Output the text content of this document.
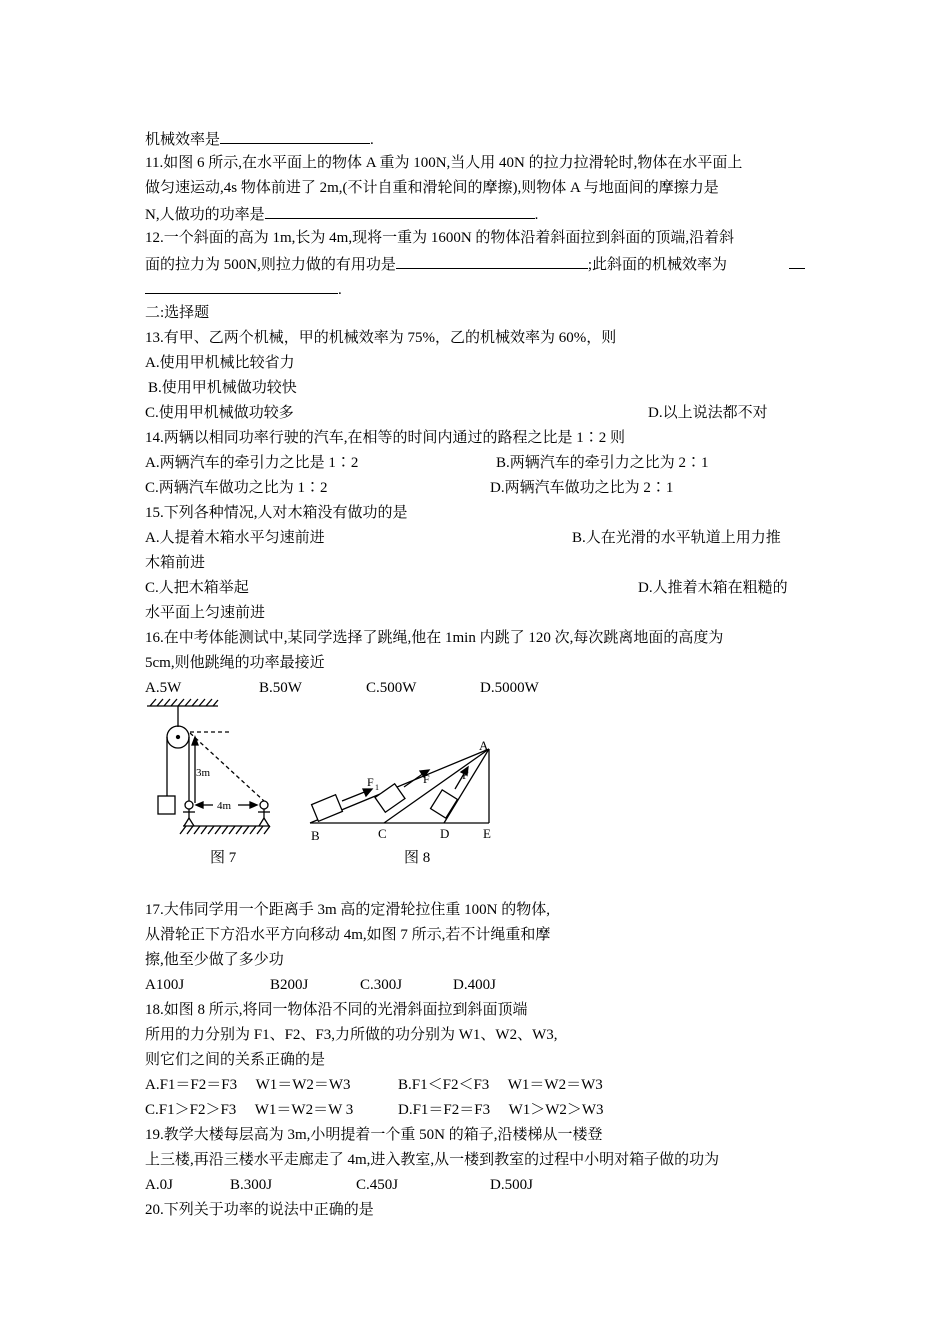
机械效率是	.
11.如图 6 所示,在水平面上的物体 A 重为 100N,当人用 40N 的拉力拉滑轮时,物体在水平面上
做匀速运动,4s 物体前进了 2m,(不计自重和滑轮间的摩擦),则物体 A 与地面间的摩擦力是
N,人做功的功率是	.
12.一个斜面的高为 1m,长为 4m,现将一重为 1600N 的物体沿着斜面拉到斜面的顶端,沿着斜
面的拉力为 500N,则拉力做的有用功是	;此斜面的机械效率为
.
二:选择题
13.有甲、乙两个机械，甲的机械效率为 75%，乙的机械效率为 60%，则
A.使用甲机械比较省力
B.使用甲机械做功较快
C.使用甲机械做功较多	D.以上说法都不对
14.两辆以相同功率行驶的汽车,在相等的时间内通过的路程之比是 1∶2 则
A.两辆汽车的牵引力之比是 1∶2	B.两辆汽车的牵引力之比为 2∶1
C.两辆汽车做功之比为 1∶2	D.两辆汽车做功之比为 2∶1
15.下列各种情况,人对木箱没有做功的是
A.人提着木箱水平匀速前进	B.人在光滑的水平轨道上用力推
木箱前进
C.人把木箱举起	D.人推着木箱在粗糙的
水平面上匀速前进
16.在中考体能测试中,某同学选择了跳绳,他在 1min 内跳了 120 次,每次跳离地面的高度为
5cm,则他跳绳的功率最接近
A.5W	B.50W	C.500W	D.5000W
3m
4m
图 7
A
B	C	D	E
F 1
F	F
图 8
17.大伟同学用一个距离手 3m 高的定滑轮拉住重 100N 的物体,
从滑轮正下方沿水平方向移动 4m,如图 7 所示,若不计绳重和摩
擦,他至少做了多少功
A100J	B200J	C.300J	D.400J
18.如图 8 所示,将同一物体沿不同的光滑斜面拉到斜面顶端
所用的力分别为 F1、F2、F3,力所做的功分别为 W1、W2、W3,
则它们之间的关系正确的是
A.F1＝F2＝F3     W1＝W2＝W3	B.F1＜F2＜F3     W1＝W2＝W3
C.F1＞F2＞F3     W1＝W2＝W 3	D.F1＝F2＝F3     W1＞W2＞W3
19.教学大楼每层高为 3m,小明提着一个重 50N 的箱子,沿楼梯从一楼登
上三楼,再沿三楼水平走廊走了 4m,进入教室,从一楼到教室的过程中小明对箱子做的功为
A.0J	B.300J	C.450J	D.500J
20.下列关于功率的说法中正确的是
